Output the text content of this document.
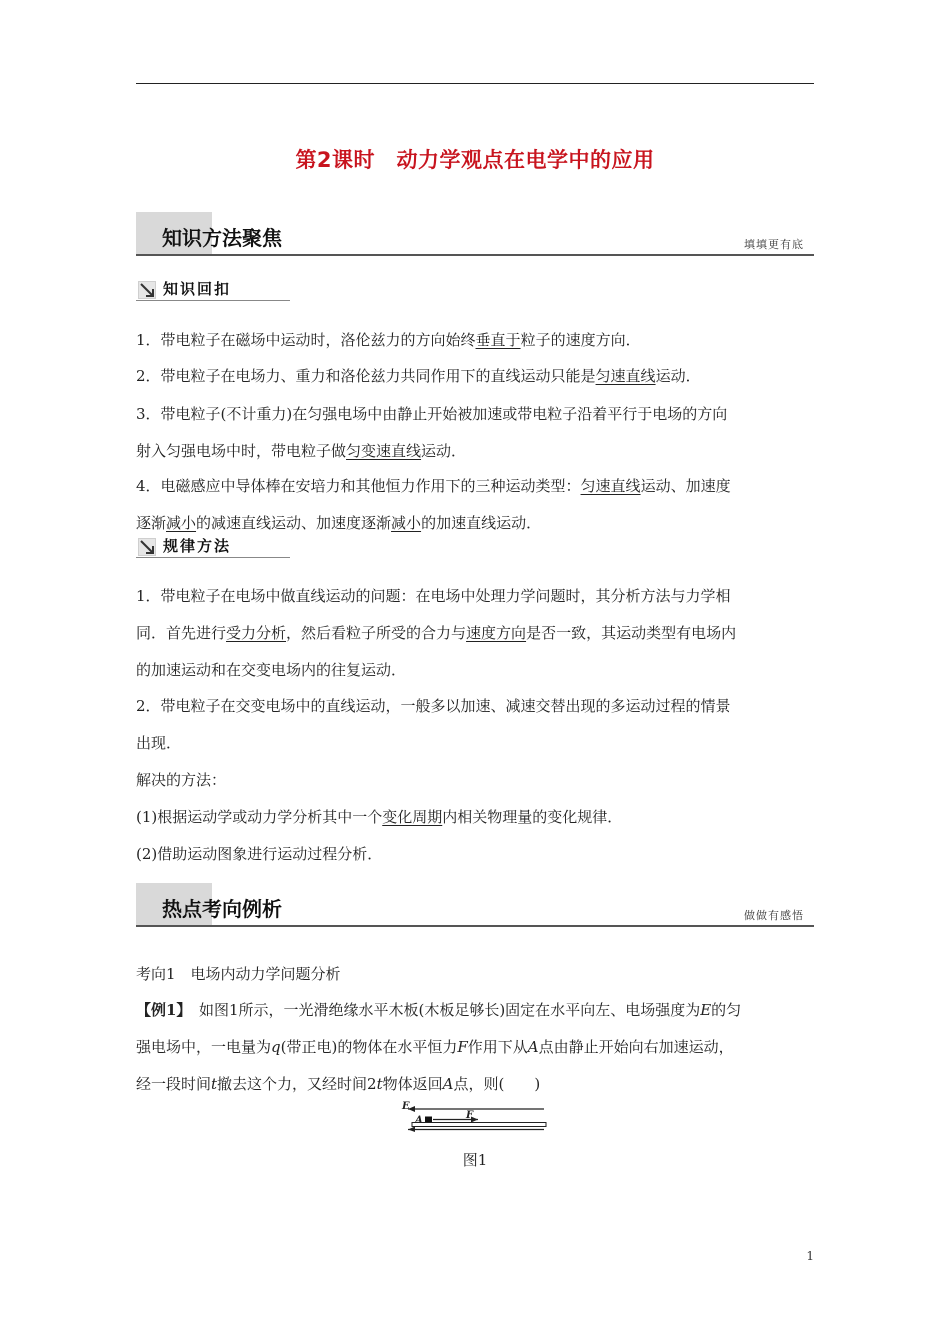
第2课时　动力学观点在电学中的应用
知识方法聚焦	填填更有底
知识回扣
1．带电粒子在磁场中运动时，洛伦兹力的方向始终垂直于粒子的速度方向．
2．带电粒子在电场力、重力和洛伦兹力共同作用下的直线运动只能是匀速直线运动．
3．带电粒子(不计重力)在匀强电场中由静止开始被加速或带电粒子沿着平行于电场的方向
射入匀强电场中时，带电粒子做匀变速直线运动．
4．电磁感应中导体棒在安培力和其他恒力作用下的三种运动类型：匀速直线运动、加速度
逐渐减小的减速直线运动、加速度逐渐减小的加速直线运动．
规律方法
1．带电粒子在电场中做直线运动的问题：在电场中处理力学问题时，其分析方法与力学相
同．首先进行受力分析，然后看粒子所受的合力与速度方向是否一致，其运动类型有电场内
的加速运动和在交变电场内的往复运动．
2．带电粒子在交变电场中的直线运动，一般多以加速、减速交替出现的多运动过程的情景
出现．
解决的方法：
(1)根据运动学或动力学分析其中一个变化周期内相关物理量的变化规律．
(2)借助运动图象进行运动过程分析．
热点考向例析	做做有感悟
考向1　电场内动力学问题分析
【例1】　如图1所示，一光滑绝缘水平木板(木板足够长)固定在水平向左、电场强度为E的匀
强电场中，一电量为q(带正电)的物体在水平恒力F作用下从A点由静止开始向右加速运动，
经一段时间t撤去这个力，又经时间2t物体返回A点，则(　　)
E
A	F
图1
1
